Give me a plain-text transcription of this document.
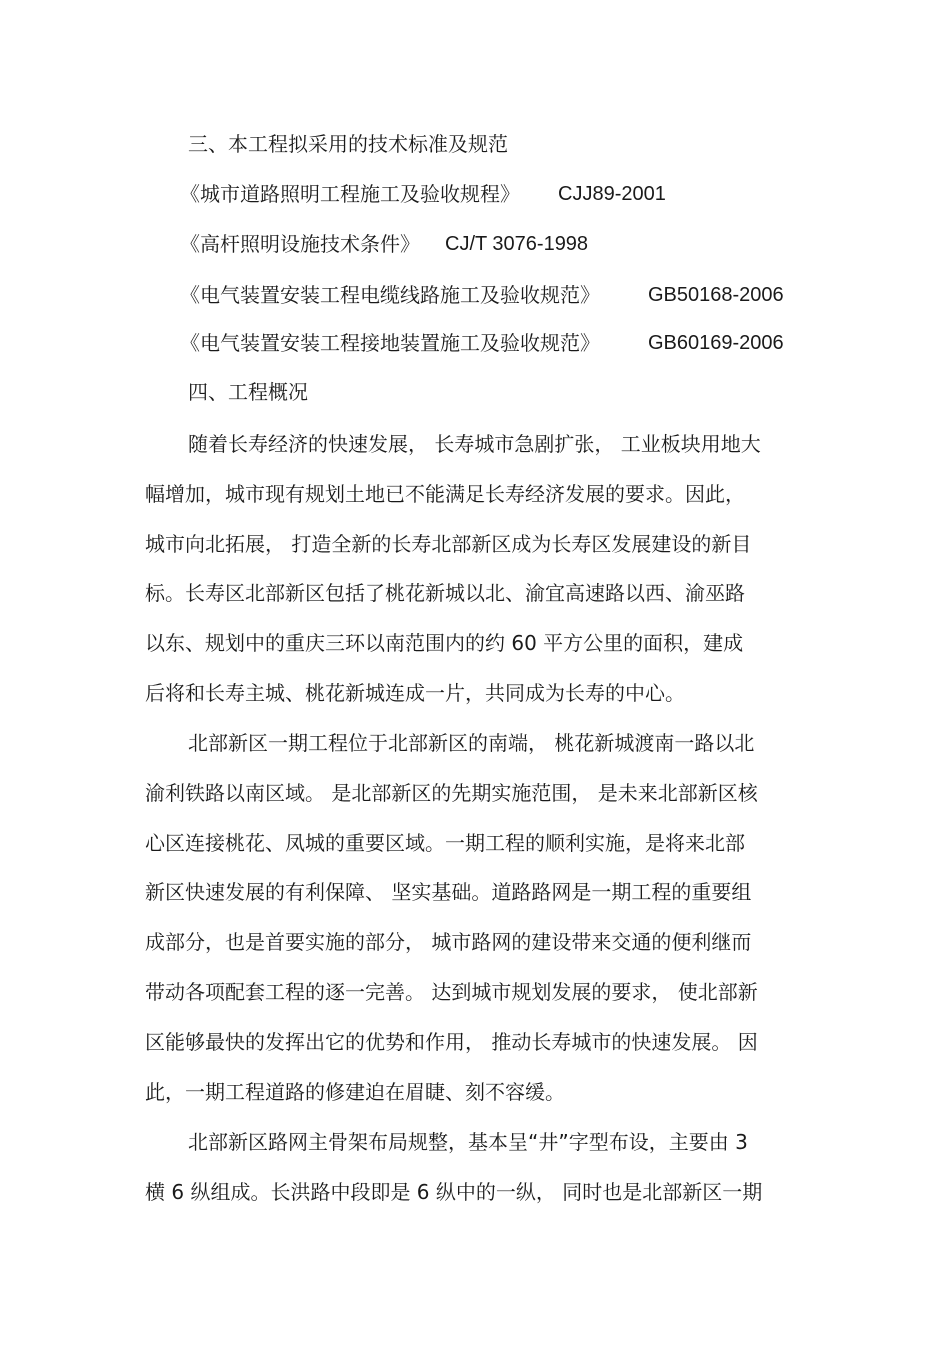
三、本工程拟采用的技术标准及规范

《城市道路照明工程施工及验收规程》 CJJ89-2001
《高杆照明设施技术条件》 CJ/T 3076-1998
《电气装置安装工程电缆线路施工及验收规范》 GB50168-2006
《电气装置安装工程接地装置施工及验收规范》 GB60169-2006

四、工程概况

随着长寿经济的快速发展， 长寿城市急剧扩张， 工业板块用地大

幅增加，城市现有规划土地已不能满足长寿经济发展的要求。因此，

城市向北拓展， 打造全新的长寿北部新区成为长寿区发展建设的新目

标。长寿区北部新区包括了桃花新城以北、渝宜高速路以西、渝巫路

以东、规划中的重庆三环以南范围内的约 60 平方公里的面积，建成

后将和长寿主城、桃花新城连成一片，共同成为长寿的中心。

北部新区一期工程位于北部新区的南端， 桃花新城渡南一路以北

渝利铁路以南区域。 是北部新区的先期实施范围， 是未来北部新区核

心区连接桃花、凤城的重要区域。一期工程的顺利实施，是将来北部

新区快速发展的有利保障、 坚实基础。道路路网是一期工程的重要组

成部分，也是首要实施的部分， 城市路网的建设带来交通的便利继而

带动各项配套工程的逐一完善。 达到城市规划发展的要求， 使北部新

区能够最快的发挥出它的优势和作用， 推动长寿城市的快速发展。 因

此，一期工程道路的修建迫在眉睫、刻不容缓。

北部新区路网主骨架布局规整，基本呈“井”字型布设，主要由 3

横 6 纵组成。长洪路中段即是 6 纵中的一纵， 同时也是北部新区一期
